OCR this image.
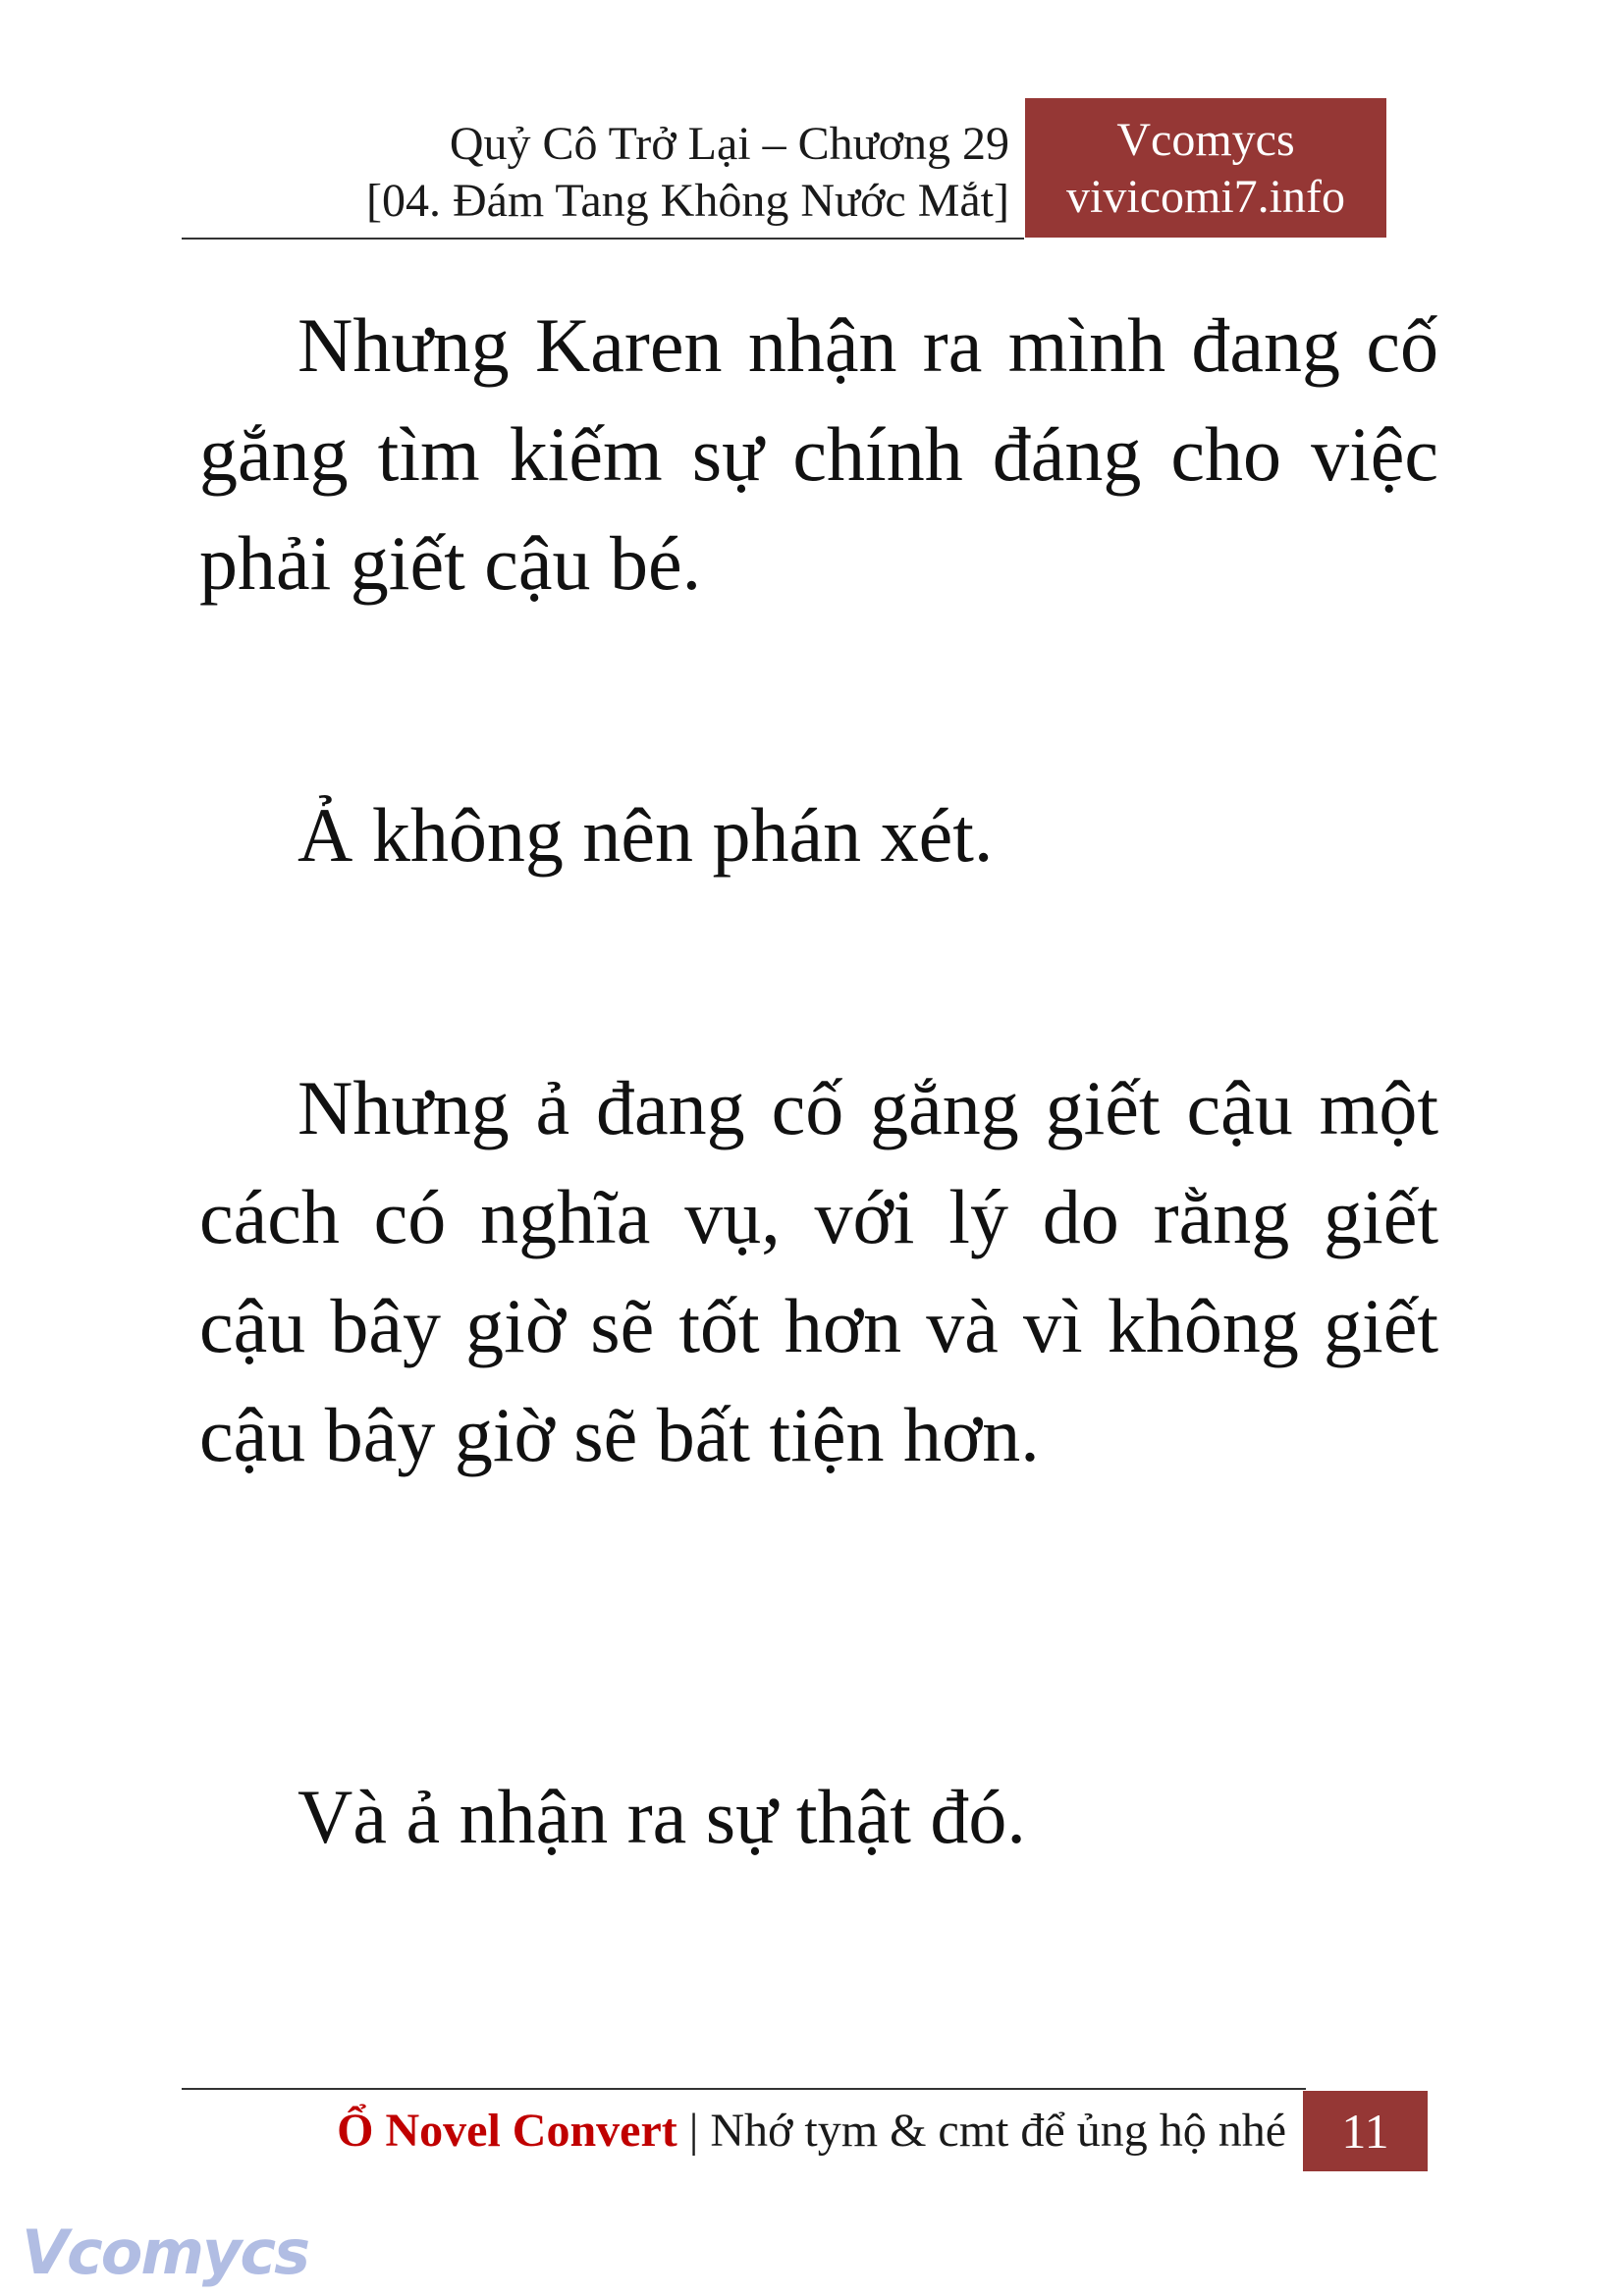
Quỷ Cô Trở Lại – Chương 29
[04. Đám Tang Không Nước Mắt]
Vcomycs
vivicomi7.info

Nhưng Karen nhận ra mình đang cố gắng tìm kiếm sự chính đáng cho việc phải giết cậu bé.

Ả không nên phán xét.

Nhưng ả đang cố gắng giết cậu một cách có nghĩa vụ, với lý do rằng giết cậu bây giờ sẽ tốt hơn và vì không giết cậu bây giờ sẽ bất tiện hơn.

Và ả nhận ra sự thật đó.

Ổ Novel Convert | Nhớ tym & cmt để ủng hộ nhé	11
Vcomycs
